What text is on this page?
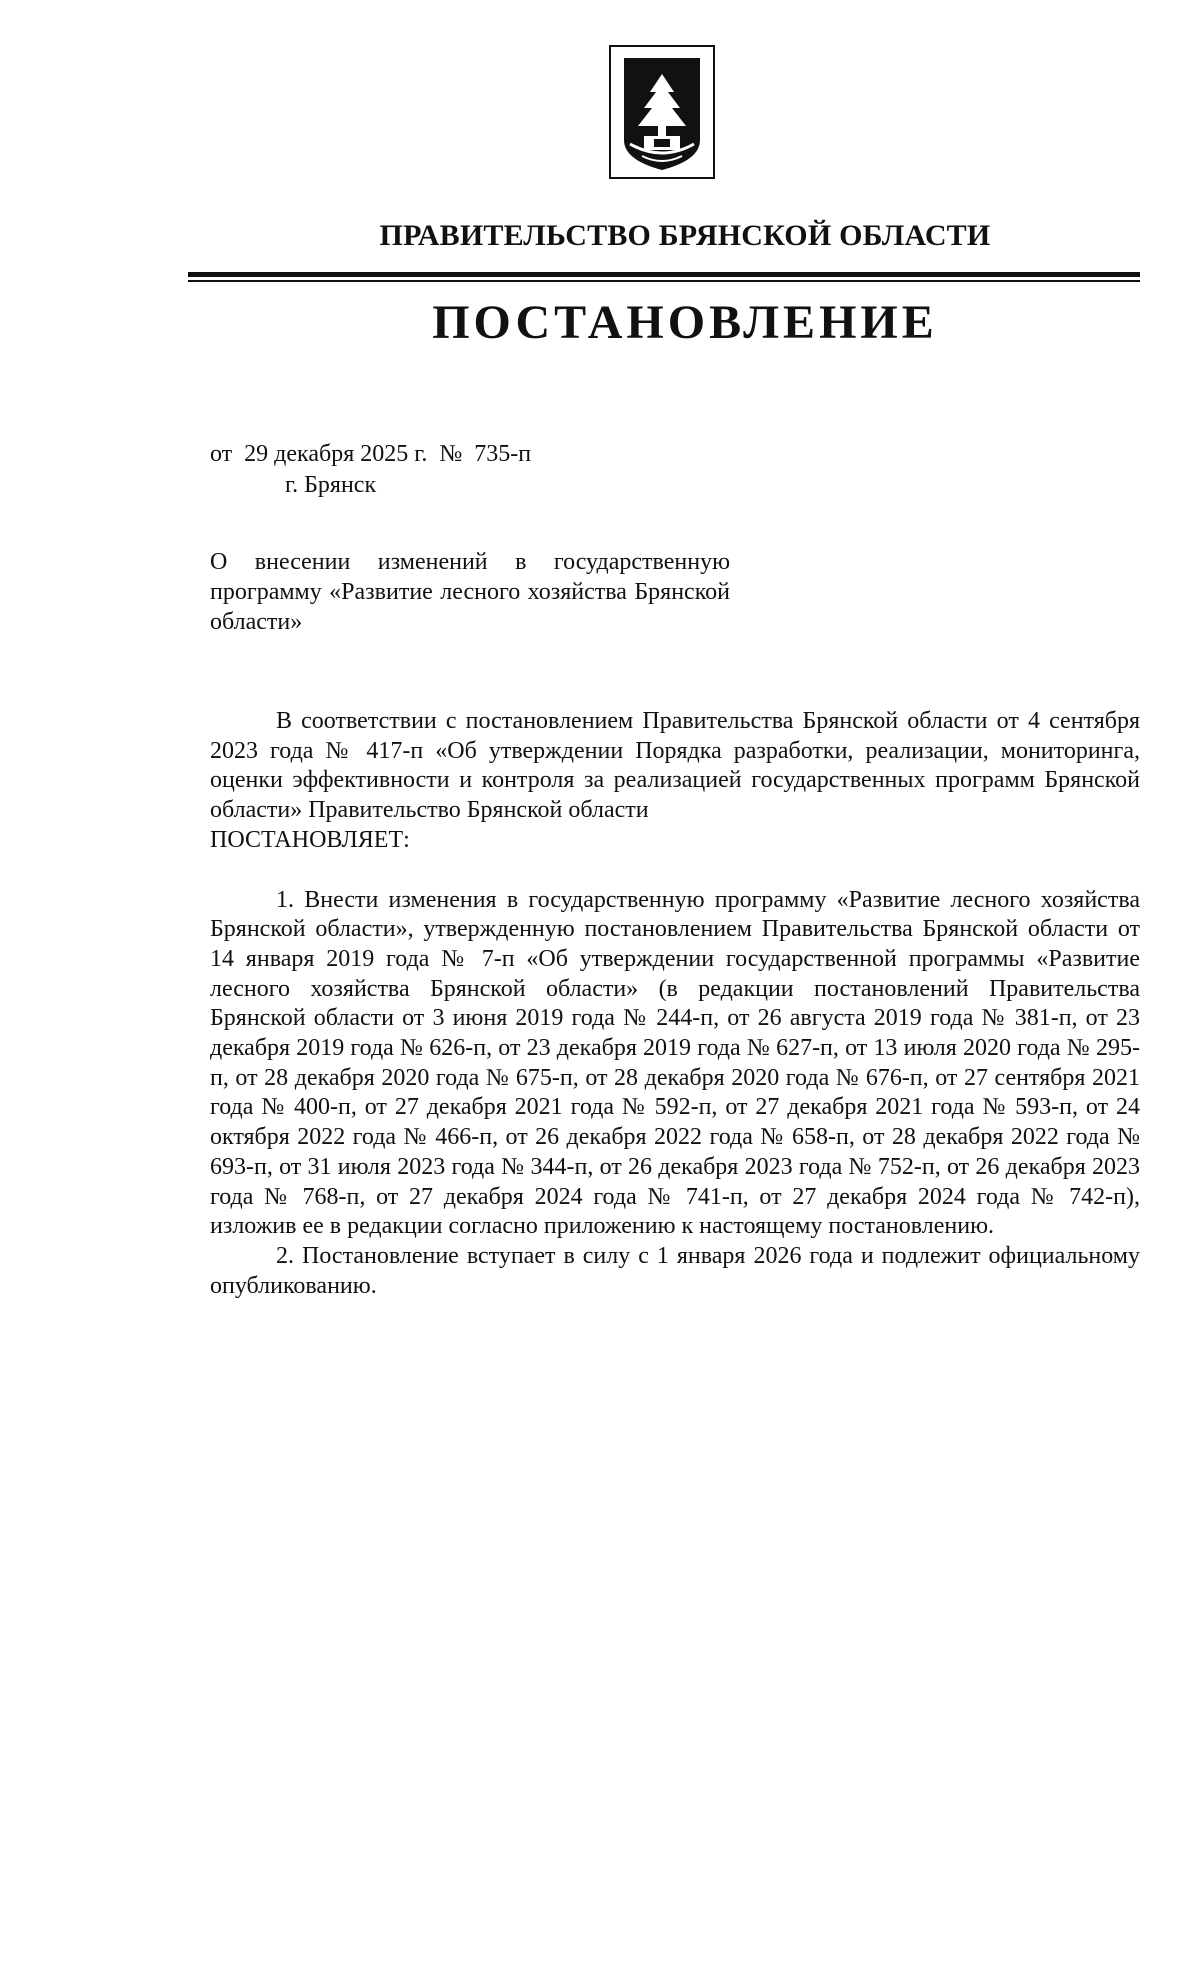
ПРАВИТЕЛЬСТВО БРЯНСКОЙ ОБЛАСТИ
ПОСТАНОВЛЕНИЕ
от  29 декабря 2025 г.  №  735-п
г. Брянск
О внесении изменений в государственную программу «Развитие лесного хозяйства Брянской области»

В соответствии с постановлением Правительства Брянской области от 4 сентября 2023 года № 417-п «Об утверждении Порядка разработки, реализации, мониторинга, оценки эффективности и контроля за реализацией государственных программ Брянской области» Правительство Брянской области

ПОСТАНОВЛЯЕТ:

1. Внести изменения в государственную программу «Развитие лесного хозяйства Брянской области», утвержденную постановлением Правительства Брянской области от 14 января 2019 года № 7-п «Об утверждении государственной программы «Развитие лесного хозяйства Брянской области» (в редакции постановлений Правительства Брянской области от 3 июня 2019 года № 244-п, от 26 августа 2019 года № 381-п, от 23 декабря 2019 года № 626-п, от 23 декабря 2019 года № 627-п, от 13 июля 2020 года № 295-п, от 28 декабря 2020 года № 675-п, от 28 декабря 2020 года № 676-п, от 27 сентября 2021 года № 400-п, от 27 декабря 2021 года № 592-п, от 27 декабря 2021 года № 593-п, от 24 октября 2022 года № 466-п, от 26 декабря 2022 года № 658-п, от 28 декабря 2022 года № 693-п, от 31 июля 2023 года № 344-п, от 26 декабря 2023 года № 752-п, от 26 декабря 2023 года № 768-п, от 27 декабря 2024 года № 741-п, от 27 декабря 2024 года № 742-п), изложив ее в редакции согласно приложению к настоящему постановлению.

2. Постановление вступает в силу с 1 января 2026 года и подлежит официальному опубликованию.
